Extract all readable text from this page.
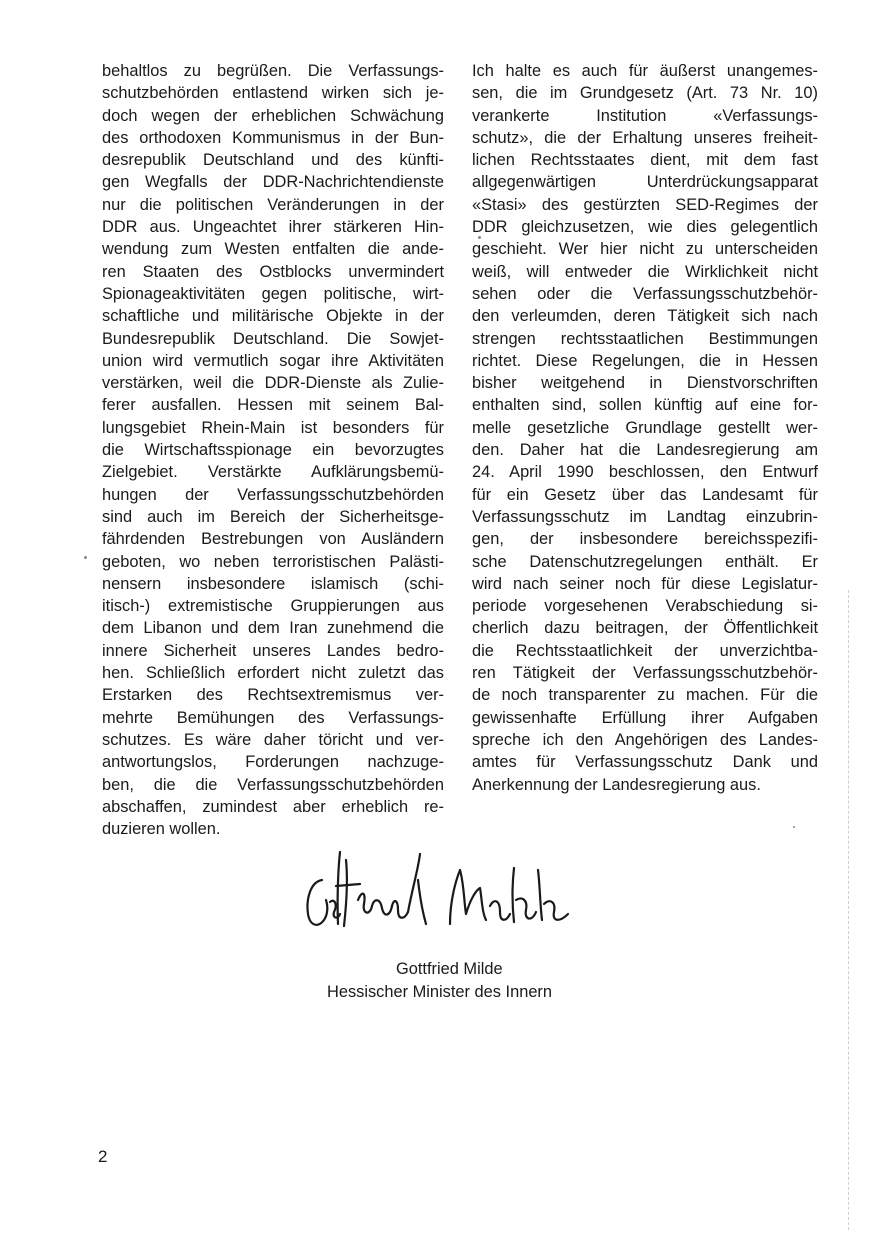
behaltlos zu begrüßen. Die Verfassungs-
schutzbehörden entlastend wirken sich je-
doch wegen der erheblichen Schwächung
des orthodoxen Kommunismus in der Bun-
desrepublik Deutschland und des künfti-
gen Wegfalls der DDR-Nachrichtendienste
nur die politischen Veränderungen in der
DDR aus. Ungeachtet ihrer stärkeren Hin-
wendung zum Westen entfalten die ande-
ren Staaten des Ostblocks unvermindert
Spionageaktivitäten gegen politische, wirt-
schaftliche und militärische Objekte in der
Bundesrepublik Deutschland. Die Sowjet-
union wird vermutlich sogar ihre Aktivitäten
verstärken, weil die DDR-Dienste als Zulie-
ferer ausfallen. Hessen mit seinem Bal-
lungsgebiet Rhein-Main ist besonders für
die Wirtschaftsspionage ein bevorzugtes
Zielgebiet. Verstärkte Aufklärungsbemü-
hungen der Verfassungsschutzbehörden
sind auch im Bereich der Sicherheitsge-
fährdenden Bestrebungen von Ausländern
geboten, wo neben terroristischen Palästi-
nensern insbesondere islamisch (schi-
itisch-) extremistische Gruppierungen aus
dem Libanon und dem Iran zunehmend die
innere Sicherheit unseres Landes bedro-
hen. Schließlich erfordert nicht zuletzt das
Erstarken des Rechtsextremismus ver-
mehrte Bemühungen des Verfassungs-
schutzes. Es wäre daher töricht und ver-
antwortungslos, Forderungen nachzuge-
ben, die die Verfassungsschutzbehörden
abschaffen, zumindest aber erheblich re-
duzieren wollen.
Ich halte es auch für äußerst unangemes-
sen, die im Grundgesetz (Art. 73 Nr. 10)
verankerte Institution «Verfassungs-
schutz», die der Erhaltung unseres freiheit-
lichen Rechtsstaates dient, mit dem fast
allgegenwärtigen Unterdrückungsapparat
«Stasi» des gestürzten SED-Regimes der
DDR gleichzusetzen, wie dies gelegentlich
geschieht. Wer hier nicht zu unterscheiden
weiß, will entweder die Wirklichkeit nicht
sehen oder die Verfassungsschutzbehör-
den verleumden, deren Tätigkeit sich nach
strengen rechtsstaatlichen Bestimmungen
richtet. Diese Regelungen, die in Hessen
bisher weitgehend in Dienstvorschriften
enthalten sind, sollen künftig auf eine for-
melle gesetzliche Grundlage gestellt wer-
den. Daher hat die Landesregierung am
24. April 1990 beschlossen, den Entwurf
für ein Gesetz über das Landesamt für
Verfassungsschutz im Landtag einzubrin-
gen, der insbesondere bereichsspezifi-
sche Datenschutzregelungen enthält. Er
wird nach seiner noch für diese Legislatur-
periode vorgesehenen Verabschiedung si-
cherlich dazu beitragen, der Öffentlichkeit
die Rechtsstaatlichkeit der unverzichtba-
ren Tätigkeit der Verfassungsschutzbehör-
de noch transparenter zu machen. Für die
gewissenhafte Erfüllung ihrer Aufgaben
spreche ich den Angehörigen des Landes-
amtes für Verfassungsschutz Dank und
Anerkennung der Landesregierung aus.
Gottfried Milde
Hessischer Minister des Innern
2
